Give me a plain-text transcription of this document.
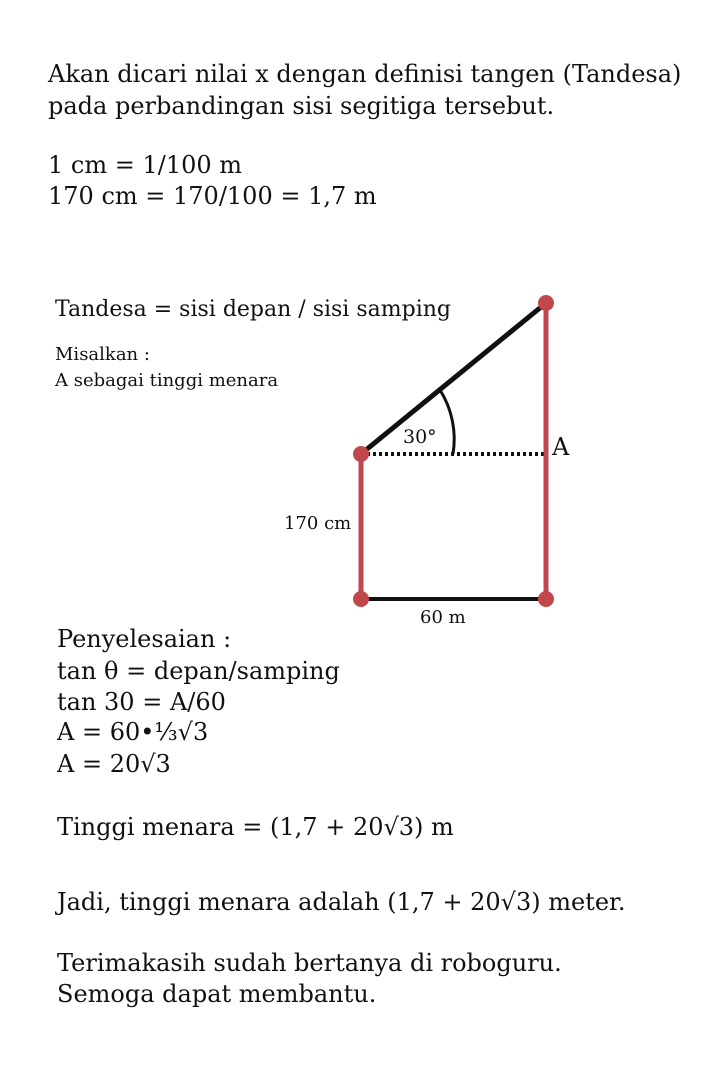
Akan dicari nilai x dengan definisi tangen (Tandesa)
pada perbandingan sisi segitiga tersebut.
1 cm = 1/100 m
170 cm = 170/100 = 1,7 m
Tandesa = sisi depan / sisi samping
Misalkan :
A sebagai tinggi menara
30°	A
170 cm
60 m
Penyelesaian :
tan θ = depan/samping
tan 30 = A/60
A = 60•⅓√3
A = 20√3
Tinggi menara = (1,7 + 20√3) m
Jadi, tinggi menara adalah (1,7 + 20√3) meter.
Terimakasih sudah bertanya di roboguru.
Semoga dapat membantu.
